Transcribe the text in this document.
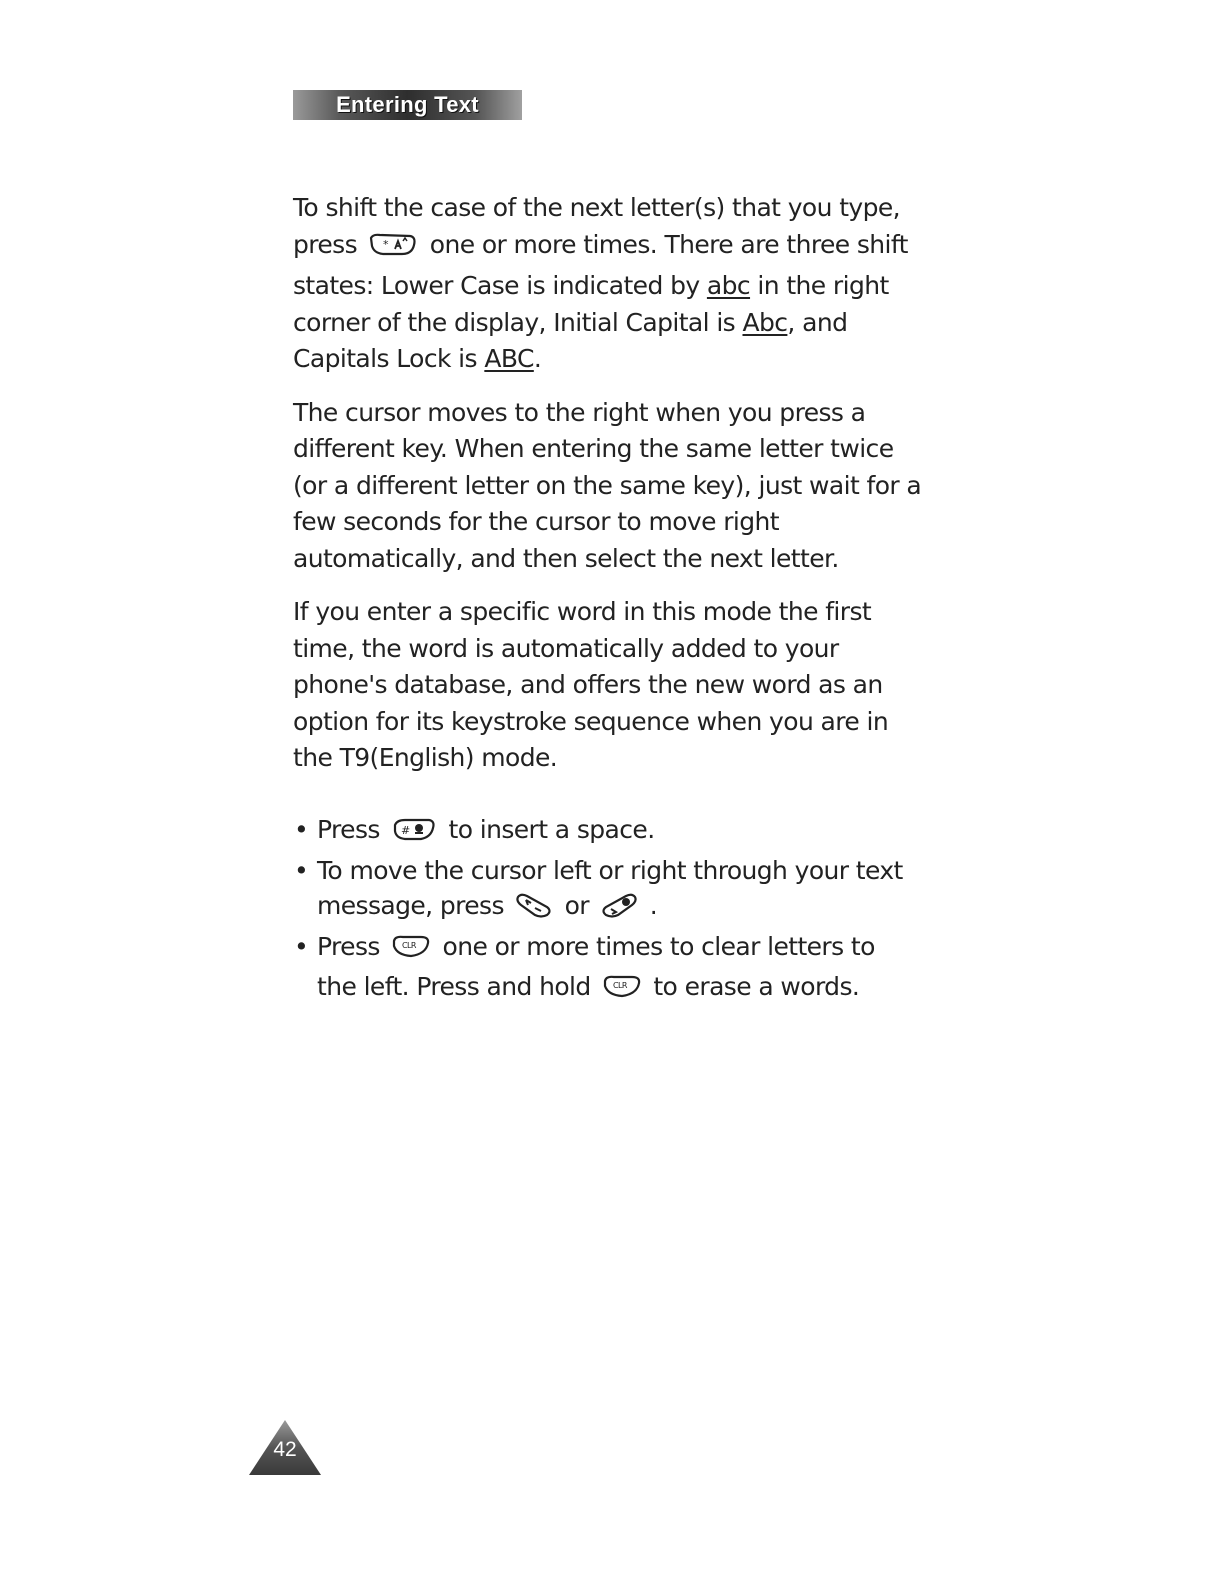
Entering Text

To shift the case of the next letter(s) that you type, press * one or more times. There are three shift states: Lower Case is indicated by abc in the right corner of the display, Initial Capital is Abc, and Capitals Lock is ABC.

The cursor moves to the right when you press a different key. When entering the same letter twice (or a different letter on the same key), just wait for a few seconds for the cursor to move right automatically, and then select the next letter.

If you enter a specific word in this mode the first time, the word is automatically added to your phone's database, and offers the new word as an option for its keystroke sequence when you are in the T9(English) mode.

• Press # to insert a space.
• To move the cursor left or right through your text message, press or .
• Press	CLR one or more times to clear letters to the left. Press and hold	CLR to erase a words.
42
